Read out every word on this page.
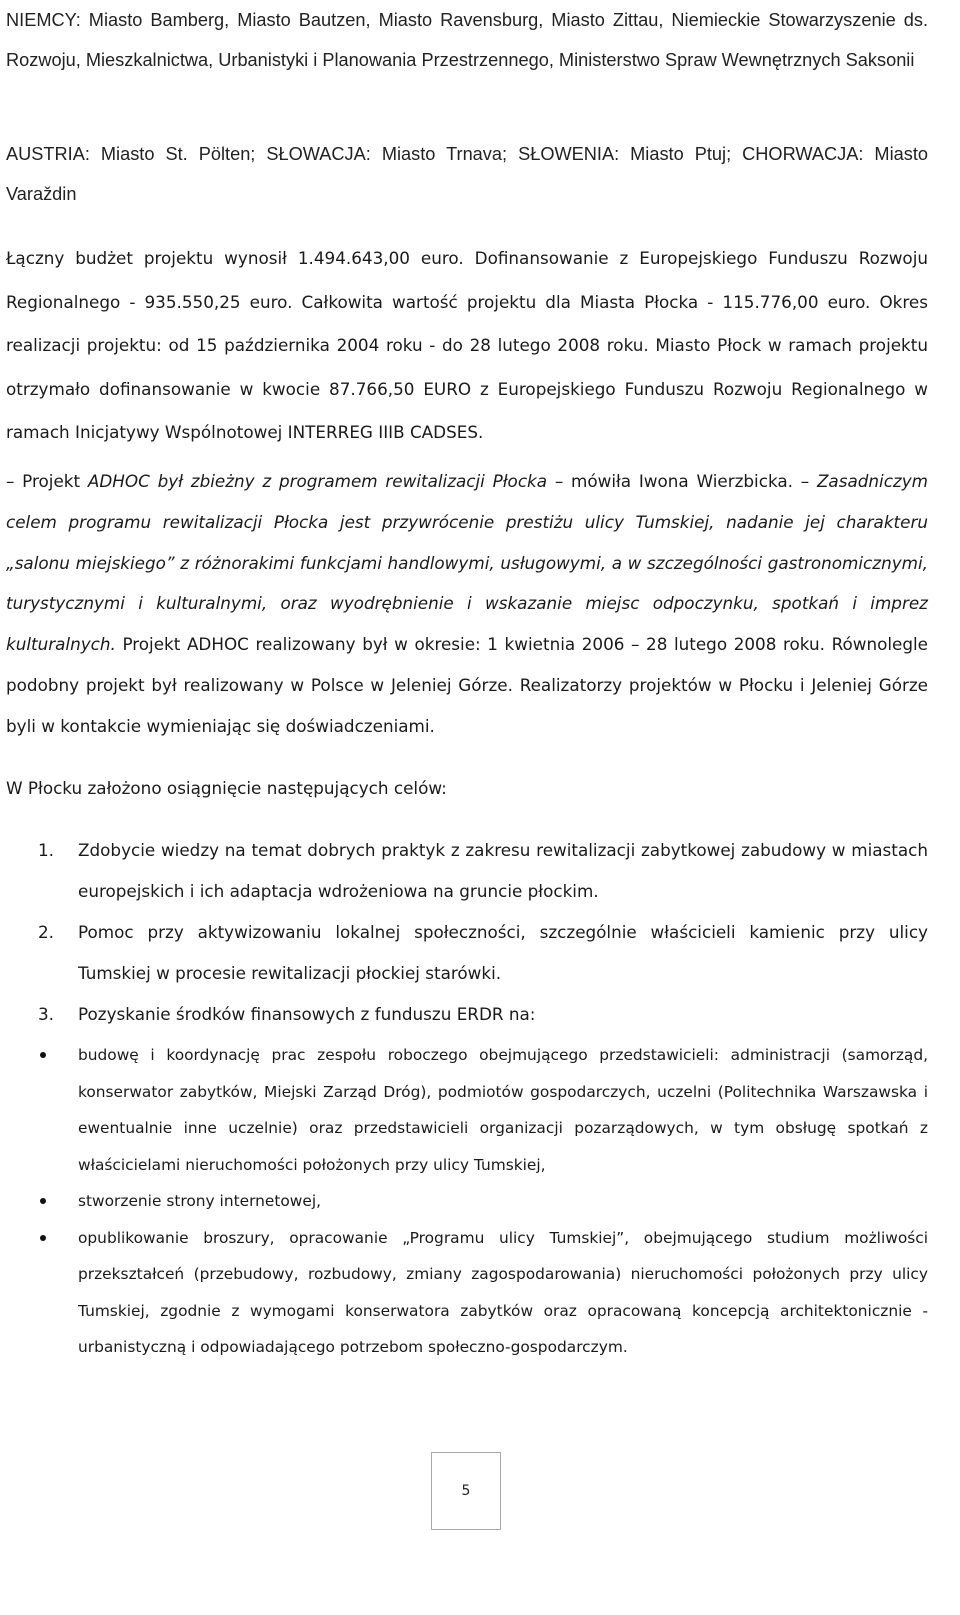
NIEMCY: Miasto Bamberg, Miasto Bautzen, Miasto Ravensburg, Miasto Zittau, Niemieckie Stowarzyszenie ds. Rozwoju, Mieszkalnictwa, Urbanistyki i Planowania Przestrzennego, Ministerstwo Spraw Wewnętrznych Saksonii

AUSTRIA: Miasto St. Pölten; SŁOWACJA: Miasto Trnava; SŁOWENIA: Miasto Ptuj; CHORWACJA: Miasto Varaždin

Łączny budżet projektu wynosił 1.494.643,00 euro. Dofinansowanie z Europejskiego Funduszu Rozwoju Regionalnego - 935.550,25 euro. Całkowita wartość projektu dla Miasta Płocka - 115.776,00 euro. Okres realizacji projektu: od 15 października 2004 roku - do 28 lutego 2008 roku. Miasto Płock w ramach projektu otrzymało dofinansowanie w kwocie 87.766,50 EURO z Europejskiego Funduszu Rozwoju Regionalnego w ramach Inicjatywy Wspólnotowej INTERREG IIIB CADSES.

– Projekt ADHOC był zbieżny z programem rewitalizacji Płocka – mówiła Iwona Wierzbicka. – Zasadniczym celem programu rewitalizacji Płocka jest przywrócenie prestiżu ulicy Tumskiej, nadanie jej charakteru „salonu miejskiego” z różnorakimi funkcjami handlowymi, usługowymi, a w szczególności gastronomicznymi, turystycznymi i kulturalnymi, oraz wyodrębnienie i wskazanie miejsc odpoczynku, spotkań i imprez kulturalnych. Projekt ADHOC realizowany był w okresie: 1 kwietnia 2006 – 28 lutego 2008 roku. Równolegle podobny projekt był realizowany w Polsce w Jeleniej Górze. Realizatorzy projektów w Płocku i Jeleniej Górze byli w kontakcie wymieniając się doświadczeniami.

W Płocku założono osiągnięcie następujących celów:

1. Zdobycie wiedzy na temat dobrych praktyk z zakresu rewitalizacji zabytkowej zabudowy w miastach europejskich i ich adaptacja wdrożeniowa na gruncie płockim.
2. Pomoc przy aktywizowaniu lokalnej społeczności, szczególnie właścicieli kamienic przy ulicy Tumskiej w procesie rewitalizacji płockiej starówki.
3. Pozyskanie środków finansowych z funduszu ERDR na:
budowę i koordynację prac zespołu roboczego obejmującego przedstawicieli: administracji (samorząd, konserwator zabytków, Miejski Zarząd Dróg), podmiotów gospodarczych, uczelni (Politechnika Warszawska i ewentualnie inne uczelnie) oraz przedstawicieli organizacji pozarządowych, w tym obsługę spotkań z właścicielami nieruchomości położonych przy ulicy Tumskiej,
stworzenie strony internetowej,
opublikowanie broszury, opracowanie „Programu ulicy Tumskiej”, obejmującego studium możliwości przekształceń (przebudowy, rozbudowy, zmiany zagospodarowania) nieruchomości położonych przy ulicy Tumskiej, zgodnie z wymogami konserwatora zabytków oraz opracowaną koncepcją architektonicznie - urbanistyczną i odpowiadającego potrzebom społeczno-gospodarczym.
5
